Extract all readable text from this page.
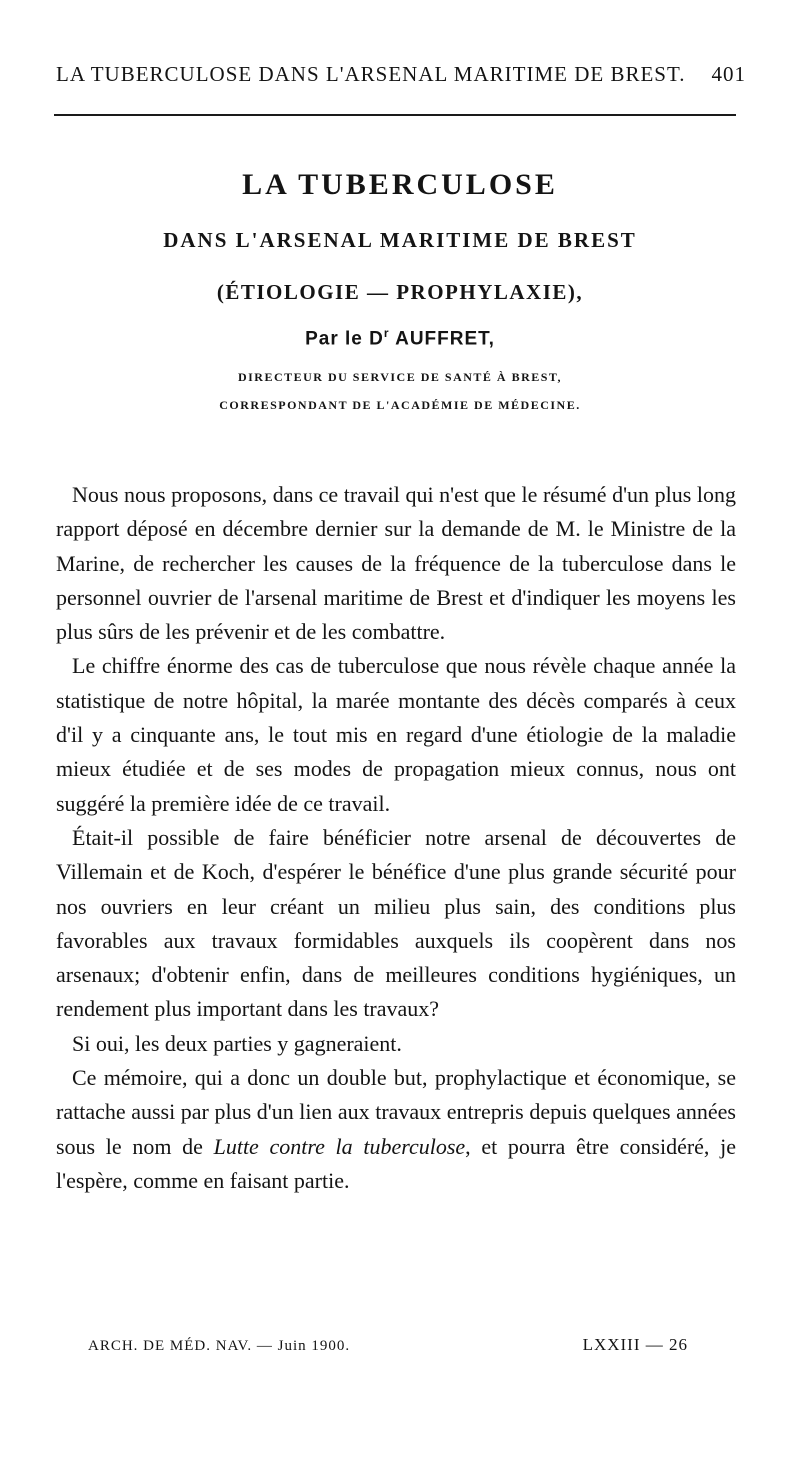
LA TUBERCULOSE DANS L'ARSENAL MARITIME DE BREST. 401
LA TUBERCULOSE
DANS L'ARSENAL MARITIME DE BREST
(ÉTIOLOGIE — PROPHYLAXIE),
Par le $D^r$ AUFFRET,
DIRECTEUR DU SERVICE DE SANTÉ À BREST,
CORRESPONDANT DE L'ACADÉMIE DE MÉDECINE.

Nous nous proposons, dans ce travail qui n'est que le résumé d'un plus long rapport déposé en décembre dernier sur la demande de M. le Ministre de la Marine, de rechercher les causes de la fréquence de la tuberculose dans le personnel ouvrier de l'arsenal maritime de Brest et d'indiquer les moyens les plus sûrs de les prévenir et de les combattre.

Le chiffre énorme des cas de tuberculose que nous révèle chaque année la statistique de notre hôpital, la marée montante des décès comparés à ceux d'il y a cinquante ans, le tout mis en regard d'une étiologie de la maladie mieux étudiée et de ses modes de propagation mieux connus, nous ont suggéré la première idée de ce travail.

Était-il possible de faire bénéficier notre arsenal de découvertes de Villemain et de Koch, d'espérer le bénéfice d'une plus grande sécurité pour nos ouvriers en leur créant un milieu plus sain, des conditions plus favorables aux travaux formidables auxquels ils coopèrent dans nos arsenaux; d'obtenir enfin, dans de meilleures conditions hygiéniques, un rendement plus important dans les travaux?

Si oui, les deux parties y gagneraient.

Ce mémoire, qui a donc un double but, prophylactique et économique, se rattache aussi par plus d'un lien aux travaux entrepris depuis quelques années sous le nom de Lutte contre la tuberculose, et pourra être considéré, je l'espère, comme en faisant partie.

ARCH. DE MÉD. NAV. — Juin 1900.	LXXIII — 26
